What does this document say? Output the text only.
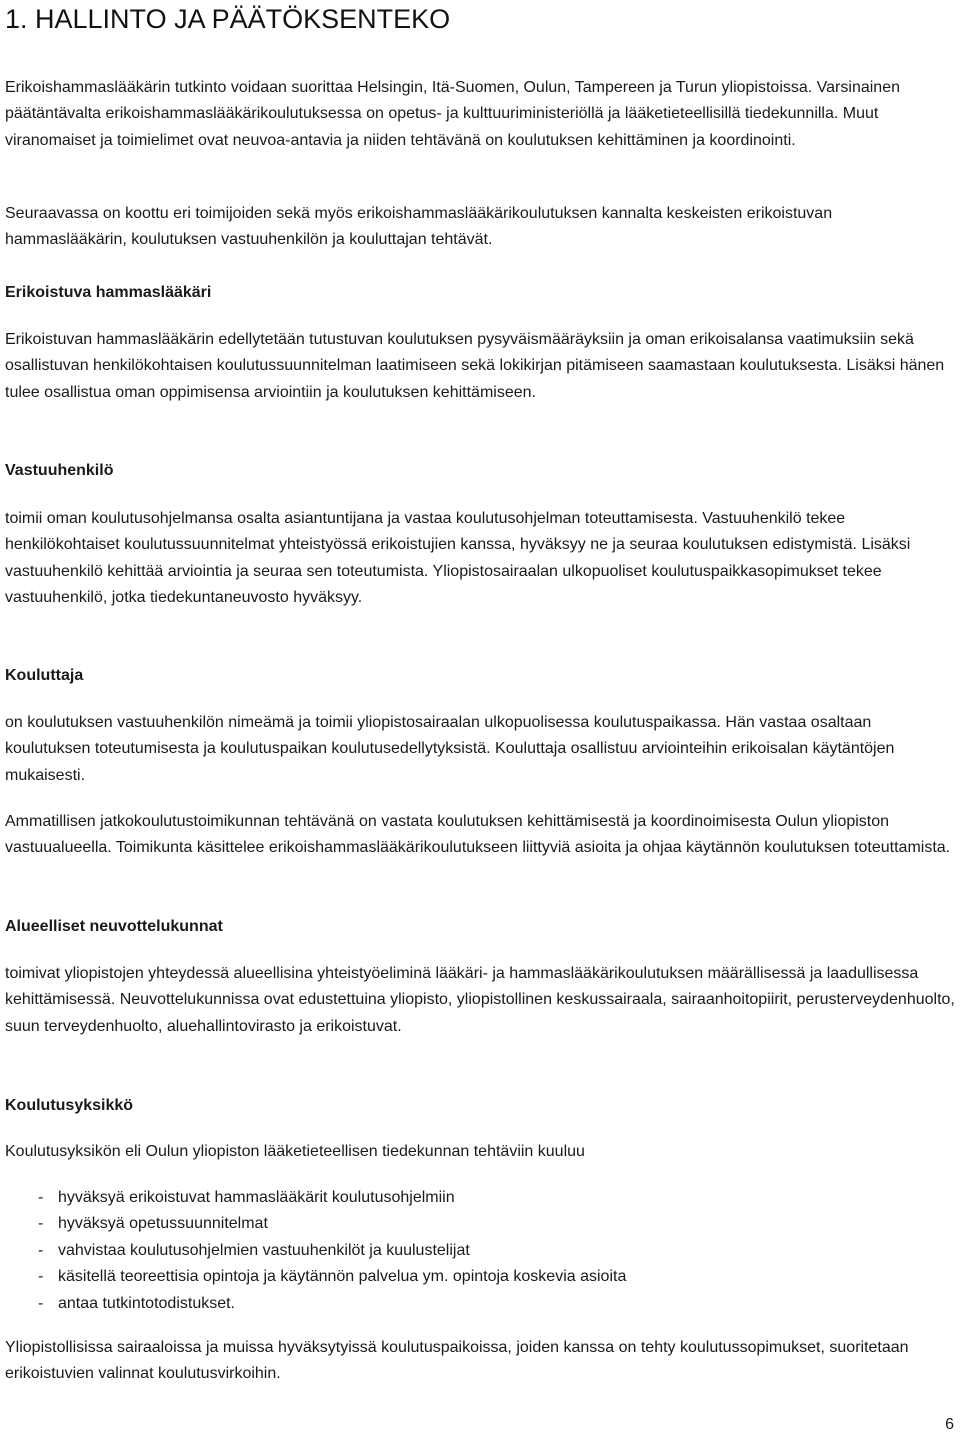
1. HALLINTO JA PÄÄTÖKSENTEKO

Erikoishammaslääkärin tutkinto voidaan suorittaa Helsingin, Itä-Suomen, Oulun, Tampereen ja Turun yliopistoissa. Varsinainen päätäntävalta erikoishammaslääkärikoulutuksessa on opetus- ja kulttuuriministeriöllä ja lääketieteellisillä tiedekunnilla. Muut viranomaiset ja toimielimet ovat neuvoa-antavia ja niiden tehtävänä on koulutuksen kehittäminen ja koordinointi.

Seuraavassa on koottu eri toimijoiden sekä myös erikoishammaslääkärikoulutuksen kannalta keskeisten erikoistuvan hammaslääkärin, koulutuksen vastuuhenkilön ja kouluttajan tehtävät.

Erikoistuva hammaslääkäri

Erikoistuvan hammaslääkärin edellytetään tutustuvan koulutuksen pysyväismääräyksiin ja oman erikoisalansa vaatimuksiin sekä osallistuvan henkilökohtaisen koulutussuunnitelman laatimiseen sekä lokikirjan pitämiseen saamastaan koulutuksesta. Lisäksi hänen tulee osallistua oman oppimisensa arviointiin ja koulutuksen kehittämiseen.

Vastuuhenkilö

toimii oman koulutusohjelmansa osalta asiantuntijana ja vastaa koulutusohjelman toteuttamisesta. Vastuuhenkilö tekee henkilökohtaiset koulutussuunnitelmat yhteistyössä erikoistujien kanssa, hyväksyy ne ja seuraa koulutuksen edistymistä. Lisäksi vastuuhenkilö kehittää arviointia ja seuraa sen toteutumista. Yliopistosairaalan ulkopuoliset koulutuspaikkasopimukset tekee vastuuhenkilö, jotka tiedekuntaneuvosto hyväksyy.

Kouluttaja

on koulutuksen vastuuhenkilön nimeämä ja toimii yliopistosairaalan ulkopuolisessa koulutuspaikassa. Hän vastaa osaltaan koulutuksen toteutumisesta ja koulutuspaikan koulutusedellytyksistä. Kouluttaja osallistuu arviointeihin erikoisalan käytäntöjen mukaisesti.

Ammatillisen jatkokoulutustoimikunnan tehtävänä on vastata koulutuksen kehittämisestä ja koordinoimisesta Oulun yliopiston vastuualueella. Toimikunta käsittelee erikoishammaslääkärikoulutukseen liittyviä asioita ja ohjaa käytännön koulutuksen toteuttamista.

Alueelliset neuvottelukunnat

toimivat yliopistojen yhteydessä alueellisina yhteistyöeliminä lääkäri- ja hammaslääkärikoulutuksen määrällisessä ja laadullisessa kehittämisessä. Neuvottelukunnissa ovat edustettuina yliopisto, yliopistollinen keskussairaala, sairaanhoitopiirit, perusterveydenhuolto, suun terveydenhuolto, aluehallintovirasto ja erikoistuvat.

Koulutusyksikkö

Koulutusyksikön eli Oulun yliopiston lääketieteellisen tiedekunnan tehtäviin kuuluu

- hyväksyä erikoistuvat hammaslääkärit koulutusohjelmiin
- hyväksyä opetussuunnitelmat
- vahvistaa koulutusohjelmien vastuuhenkilöt ja kuulustelijat
- käsitellä teoreettisia opintoja ja käytännön palvelua ym. opintoja koskevia asioita
- antaa tutkintotodistukset.

Yliopistollisissa sairaaloissa ja muissa hyväksytyissä koulutuspaikoissa, joiden kanssa on tehty koulutussopimukset, suoritetaan erikoistuvien valinnat koulutusvirkoihin.

6
